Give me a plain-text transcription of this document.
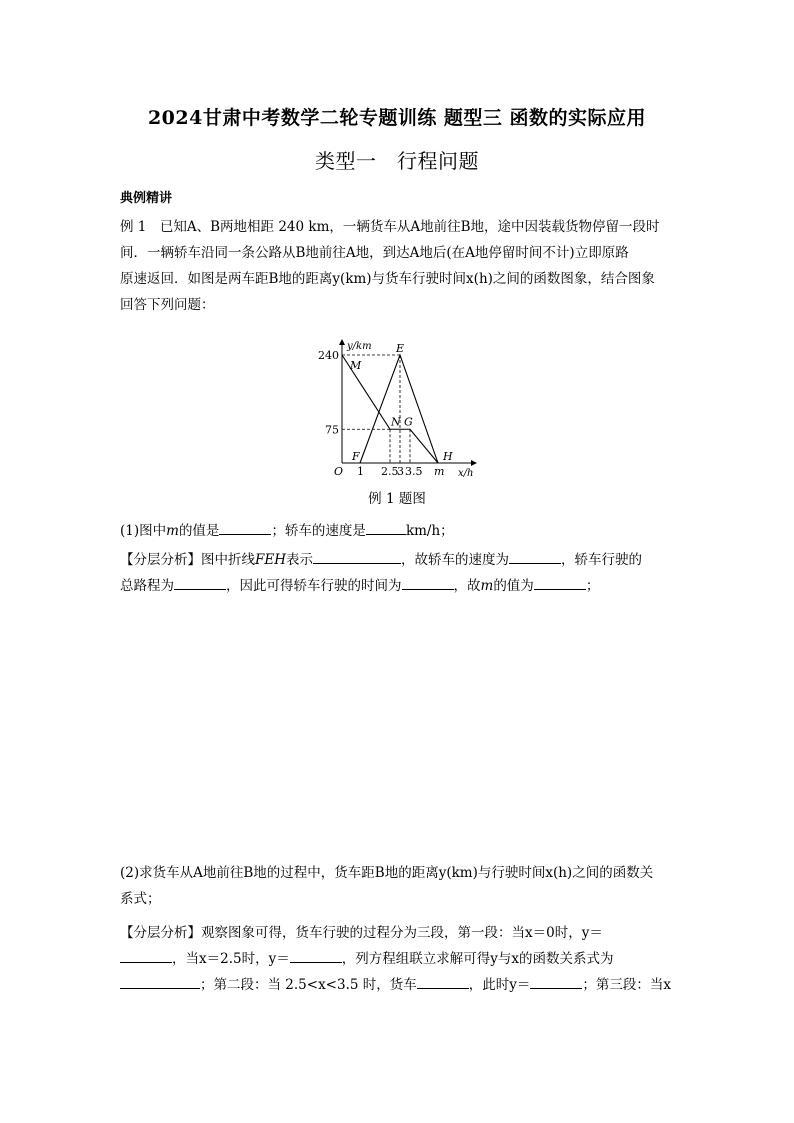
2024甘肃中考数学二轮专题训练 题型三 函数的实际应用
类型一　行程问题
典例精讲
例 1　已知A、B两地相距 240 km，一辆货车从A地前往B地，途中因装载货物停留一段时
间．一辆轿车沿同一条公路从B地前往A地，到达A地后(在A地停留时间不计)立即原路
原速返回．如图是两车距B地的距离y(km)与货车行驶时间x(h)之间的函数图象，结合图象
回答下列问题：
x/h
y/km
240
75
O 1 2.5
3 3.5 m
M
E
N G
F	H
例 1 题图
(1)图中m的值是	；轿车的速度是	km/h；
【分层分析】图中折线FEH表示	，故轿车的速度为	，轿车行驶的
总路程为	，因此可得轿车行驶的时间为	，故m的值为	；
(2)求货车从A地前往B地的过程中，货车距B地的距离y(km)与行驶时间x(h)之间的函数关
系式；
【分层分析】观察图象可得，货车行驶的过程分为三段，第一段：当x＝0时，y＝
，当x＝2.5时，y＝	，列方程组联立求解可得y与x的函数关系式为
；第二段：当 2.5<x<3.5 时，货车	，此时y＝	；第三段：当x
